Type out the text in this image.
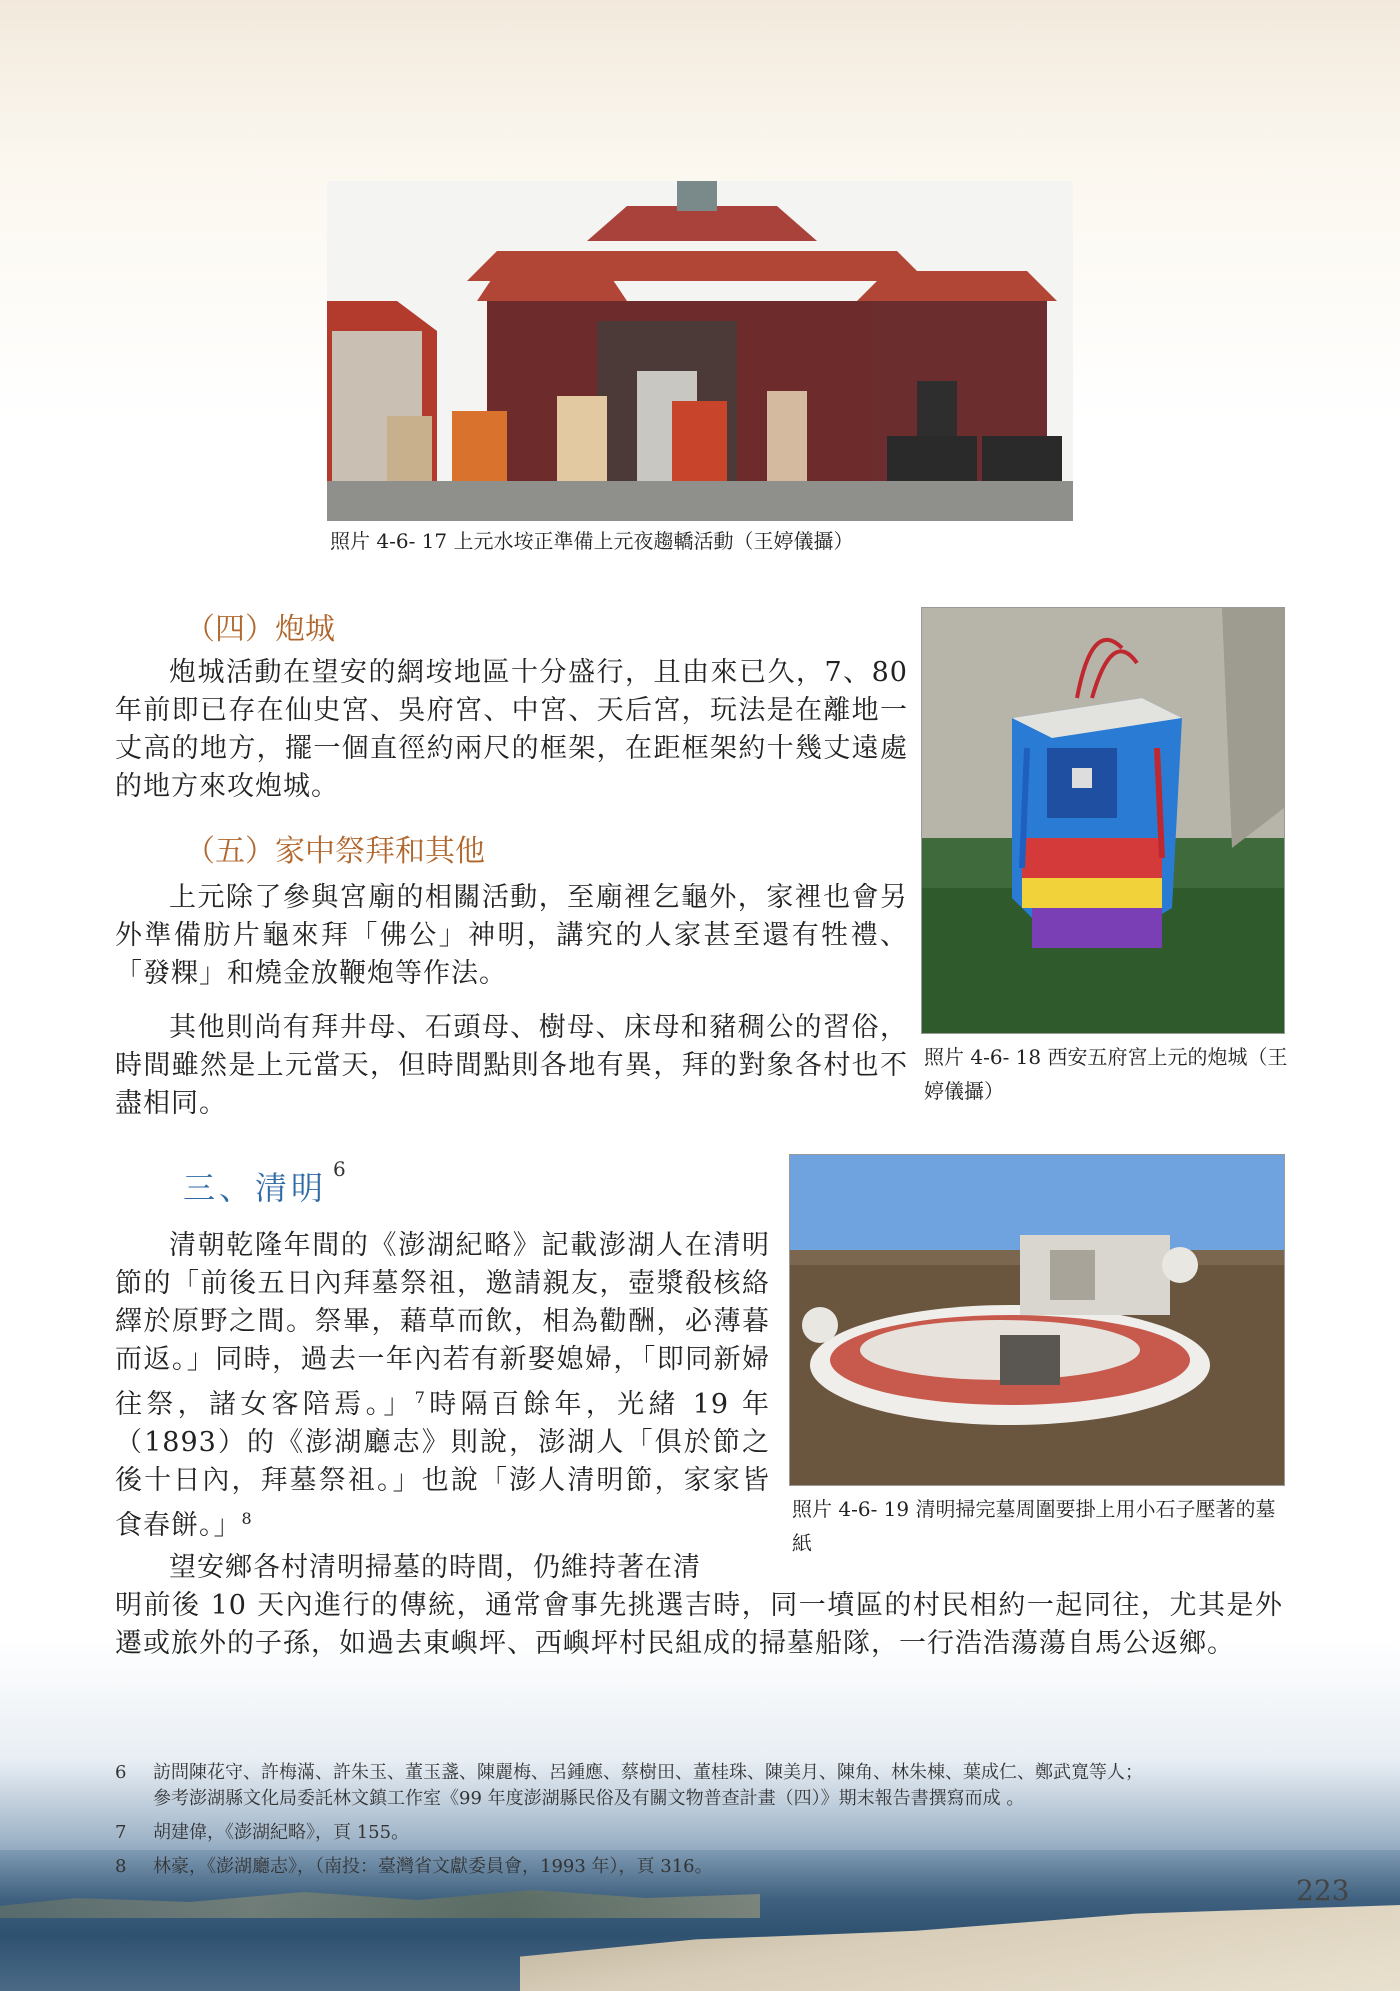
照片 4-6- 17 上元水垵正準備上元夜趨轎活動（王婷儀攝）
照片 4-6- 18 西安五府宮上元的炮城（王婷儀攝）
照片 4-6- 19 清明掃完墓周圍要掛上用小石子壓著的墓紙
（四）炮城

炮城活動在望安的網垵地區十分盛行，且由來已久，7、80 年前即已存在仙史宮、吳府宮、中宮、天后宮，玩法是在離地一丈高的地方，擺一個直徑約兩尺的框架，在距框架約十幾丈遠處的地方來攻炮城。

（五）家中祭拜和其他

上元除了參與宮廟的相關活動，至廟裡乞龜外，家裡也會另外準備肪片龜來拜「佛公」神明，講究的人家甚至還有牲禮、「發粿」和燒金放鞭炮等作法。

其他則尚有拜井母、石頭母、樹母、床母和豬稠公的習俗，時間雖然是上元當天，但時間點則各地有異，拜的對象各村也不盡相同。

三、清明 $^6$

清朝乾隆年間的《澎湖紀略》記載澎湖人在清明節的「前後五日內拜墓祭祖，邀請親友，壺漿殽核絡繹於原野之間。祭畢，藉草而飲，相為勸酬，必薄暮而返。」同時，過去一年內若有新娶媳婦，「即同新婦往祭，諸女客陪焉。」$^7$時隔百餘年，光緒 19 年（1893）的《澎湖廳志》則說，澎湖人「俱於節之後十日內，拜墓祭祖。」也說「澎人清明節，家家皆食春餅。」$^8$

望安鄉各村清明掃墓的時間，仍維持著在清

明前後 10 天內進行的傳統，通常會事先挑選吉時，同一墳區的村民相約一起同往，尤其是外遷或旅外的子孫，如過去東嶼坪、西嶼坪村民組成的掃墓船隊，一行浩浩蕩蕩自馬公返鄉。

6 訪問陳花守、許梅滿、許朱玉、董玉盞、陳麗梅、呂鍾應、蔡樹田、董桂珠、陳美月、陳角、林朱棟、葉成仁、鄭武寬等人；

參考澎湖縣文化局委託林文鎮工作室《99 年度澎湖縣民俗及有關文物普查計畫（四）》期末報告書撰寫而成 。

7 胡建偉，《澎湖紀略》，頁 155。

8 林豪，《澎湖廳志》，（南投：臺灣省文獻委員會，1993 年），頁 316。

223
